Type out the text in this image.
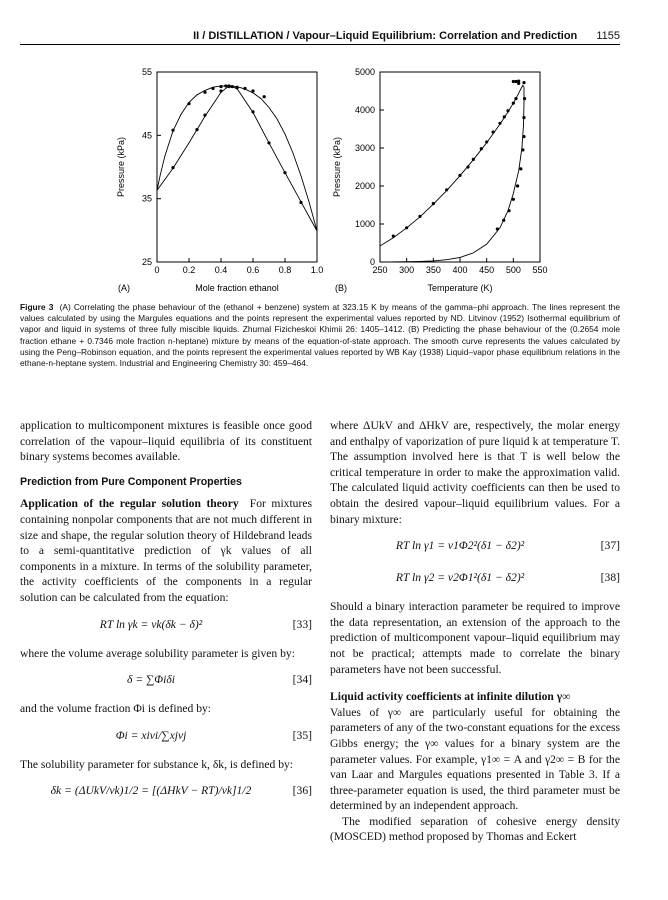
II / DISTILLATION / Vapour–Liquid Equilibrium: Correlation and Prediction 1155
25
35
45
55
0	0.2 0.4 0.6 0.8 1.0
Mole fraction ethanol
Pressure (kPa)
(A)
0
1000
2000
3000
4000
5000
250 300 350 400 450 500 550
Temperature (K)
Pressure (kPa)
(B)
Figure 3 (A) Correlating the phase behaviour of the (ethanol + benzene) system at 323.15 K by means of the gamma–phi approach. The lines represent the values calculated by using the Margules equations and the points represent the experimental values reported by ND. Litvinov (1952) Isothermal equilibrium of vapor and liquid in systems of three fully miscible liquids. Zhurnal Fizicheskoi Khimii 26: 1405–1412. (B) Predicting the phase behaviour of the (0.2654 mole fraction ethane + 0.7346 mole fraction n-heptane) mixture by means of the equation-of-state approach. The smooth curve represents the values calculated by using the Peng–Robinson equation, and the points represent the experimental values reported by WB Kay (1938) Liquid–vapor phase equilibrium relations in the ethane-n-heptane system. Industrial and Engineering Chemistry 30: 459–464.

application to multicomponent mixtures is feasible once good correlation of the vapour–liquid equilibria of its constituent binary systems becomes available.

Prediction from Pure Component Properties

Application of the regular solution theory For mixtures containing nonpolar components that are not much different in size and shape, the regular solution theory of Hildebrand leads to a semi-quantitative prediction of γk values of all components in a mixture. In terms of the solubility parameter, the activity coefficients of the components in a regular solution can be calculated from the equation:

RT ln γk = νk(δk − δ)²	[33]

where the volume average solubility parameter is given by:

δ = ∑Φiδi	[34]

and the volume fraction Φi is defined by:

Φi = xiνi/∑xjνj	[35]

The solubility parameter for substance k, δk, is defined by:

δk = (ΔUkV/νk)1/2 = [(ΔHkV − RT)/νk]1/2	[36]

where ΔUkV and ΔHkV are, respectively, the molar energy and enthalpy of vaporization of pure liquid k at temperature T. The assumption involved here is that T is well below the critical temperature in order to make the approximation valid. The calculated liquid activity coefficients can then be used to obtain the desired vapour–liquid equilibrium values. For a binary mixture:

RT ln γ1 = ν1Φ2²(δ1 − δ2)²	[37]
RT ln γ2 = ν2Φ1²(δ1 − δ2)²	[38]

Should a binary interaction parameter be required to improve the data representation, an extension of the approach to the prediction of multicomponent vapour–liquid equilibrium may not be practical; attempts made to correlate the binary parameters have not been successful.

Liquid activity coefficients at infinite dilution γ∞
Values of γ∞ are particularly useful for obtaining the parameters of any of the two-constant equations for the excess Gibbs energy; the γ∞ values for a binary system are the parameter values. For example, γ1∞ = A and γ2∞ = B for the van Laar and Margules equations presented in Table 3. If a three-parameter equation is used, the third parameter must be determined by an independent approach.

The modified separation of cohesive energy density (MOSCED) method proposed by Thomas and Eckert
